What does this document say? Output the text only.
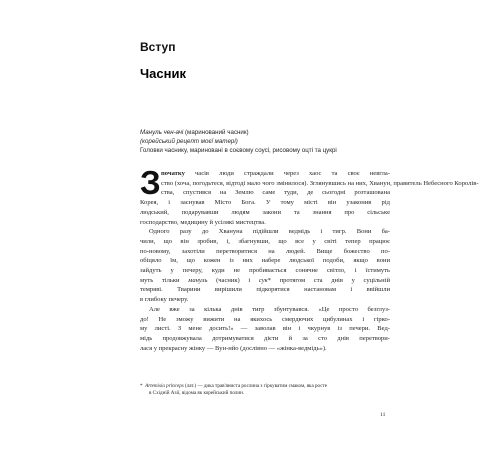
Вступ
Часник
Мануль чен-ачі (маринований часник)
(корейський рецепт моєї матері)
Головки часнику, мариновані в соєвому соусі, рисовому оцті та цукрі
З початку часів люди страждали через хаос та своє невгла-
ство (хоча, погодьтеся, відтоді мало чого змінилося). Зглянувшись на них, Хванун, правитель Небесного Королів-
ства, спустився на Землю саме туди, де сьогодні розташована
Корея, і заснував Місто Бога. У тому місті він узаконив рід
людський, подарувавши людям закони та знання про сільське
господарство, медицину й усілякі мистецтва.
Одного разу до Хвануна підійшли ведмідь і тигр. Вони ба-
чили, що він зробив, і, збагнувши, що все у світі тепер працює
по-новому, захотіли перетворитися на людей. Вище божество по-
обіцяло їм, що кожен із них набере людської подоби, якщо вони
зайдуть у печеру, куди не пробивається сонячне світло, і їстимуть
муть тільки мануль (часник) і сук* протягом ста днів у суцільній
темряві. Тварини вирішили підкорятися настановам і ввійшли
в глибоку печеру.
Але вже за кілька днів тигр збунтувався. «Це просто безглуз-
до! Не зможу вижити на якихось смердючих цибулинах і гірко-
му листі. З мене досить!» — заволав він і чкурнув із печери. Вед-
мідь продовжувала дотримуватися дієти й за сто днів перетвори-
лася у прекрасну жінку — Вун-нйо (дослівно — «жінка-ведмідь»).
* Artemisia princeps (лат.) — дика трав'яниста рослина з гіркуватим смаком, яка росте
в Східній Азії, відома як корейський полин.

11
